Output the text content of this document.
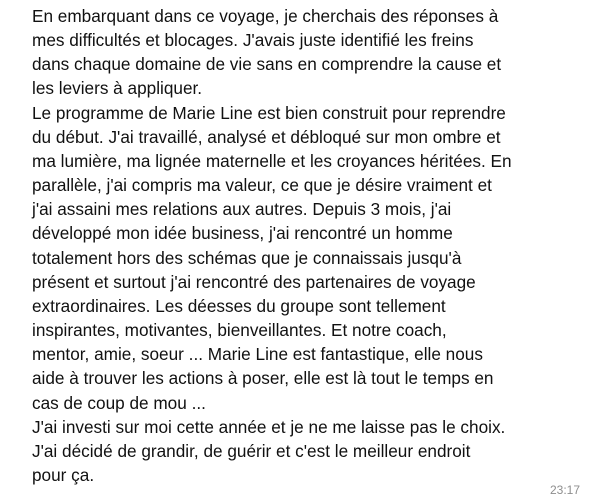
En embarquant dans ce voyage, je cherchais des réponses à
mes difficultés et blocages. J'avais juste identifié les freins
dans chaque domaine de vie sans en comprendre la cause et
les leviers à appliquer.
Le programme de Marie Line est bien construit pour reprendre
du début. J'ai travaillé, analysé et débloqué sur mon ombre et
ma lumière, ma lignée maternelle et les croyances héritées. En
parallèle, j'ai compris ma valeur, ce que je désire vraiment et
j'ai assaini mes relations aux autres. Depuis 3 mois, j'ai
développé mon idée business, j'ai rencontré un homme
totalement hors des schémas que je connaissais jusqu'à
présent et surtout j'ai rencontré des partenaires de voyage
extraordinaires. Les déesses du groupe sont tellement
inspirantes, motivantes, bienveillantes. Et notre coach,
mentor, amie, soeur ... Marie Line est fantastique, elle nous
aide à trouver les actions à poser, elle est là tout le temps en
cas de coup de mou ...
J'ai investi sur moi cette année et je ne me laisse pas le choix.
J'ai décidé de grandir, de guérir et c'est le meilleur endroit
pour ça.
23:17
